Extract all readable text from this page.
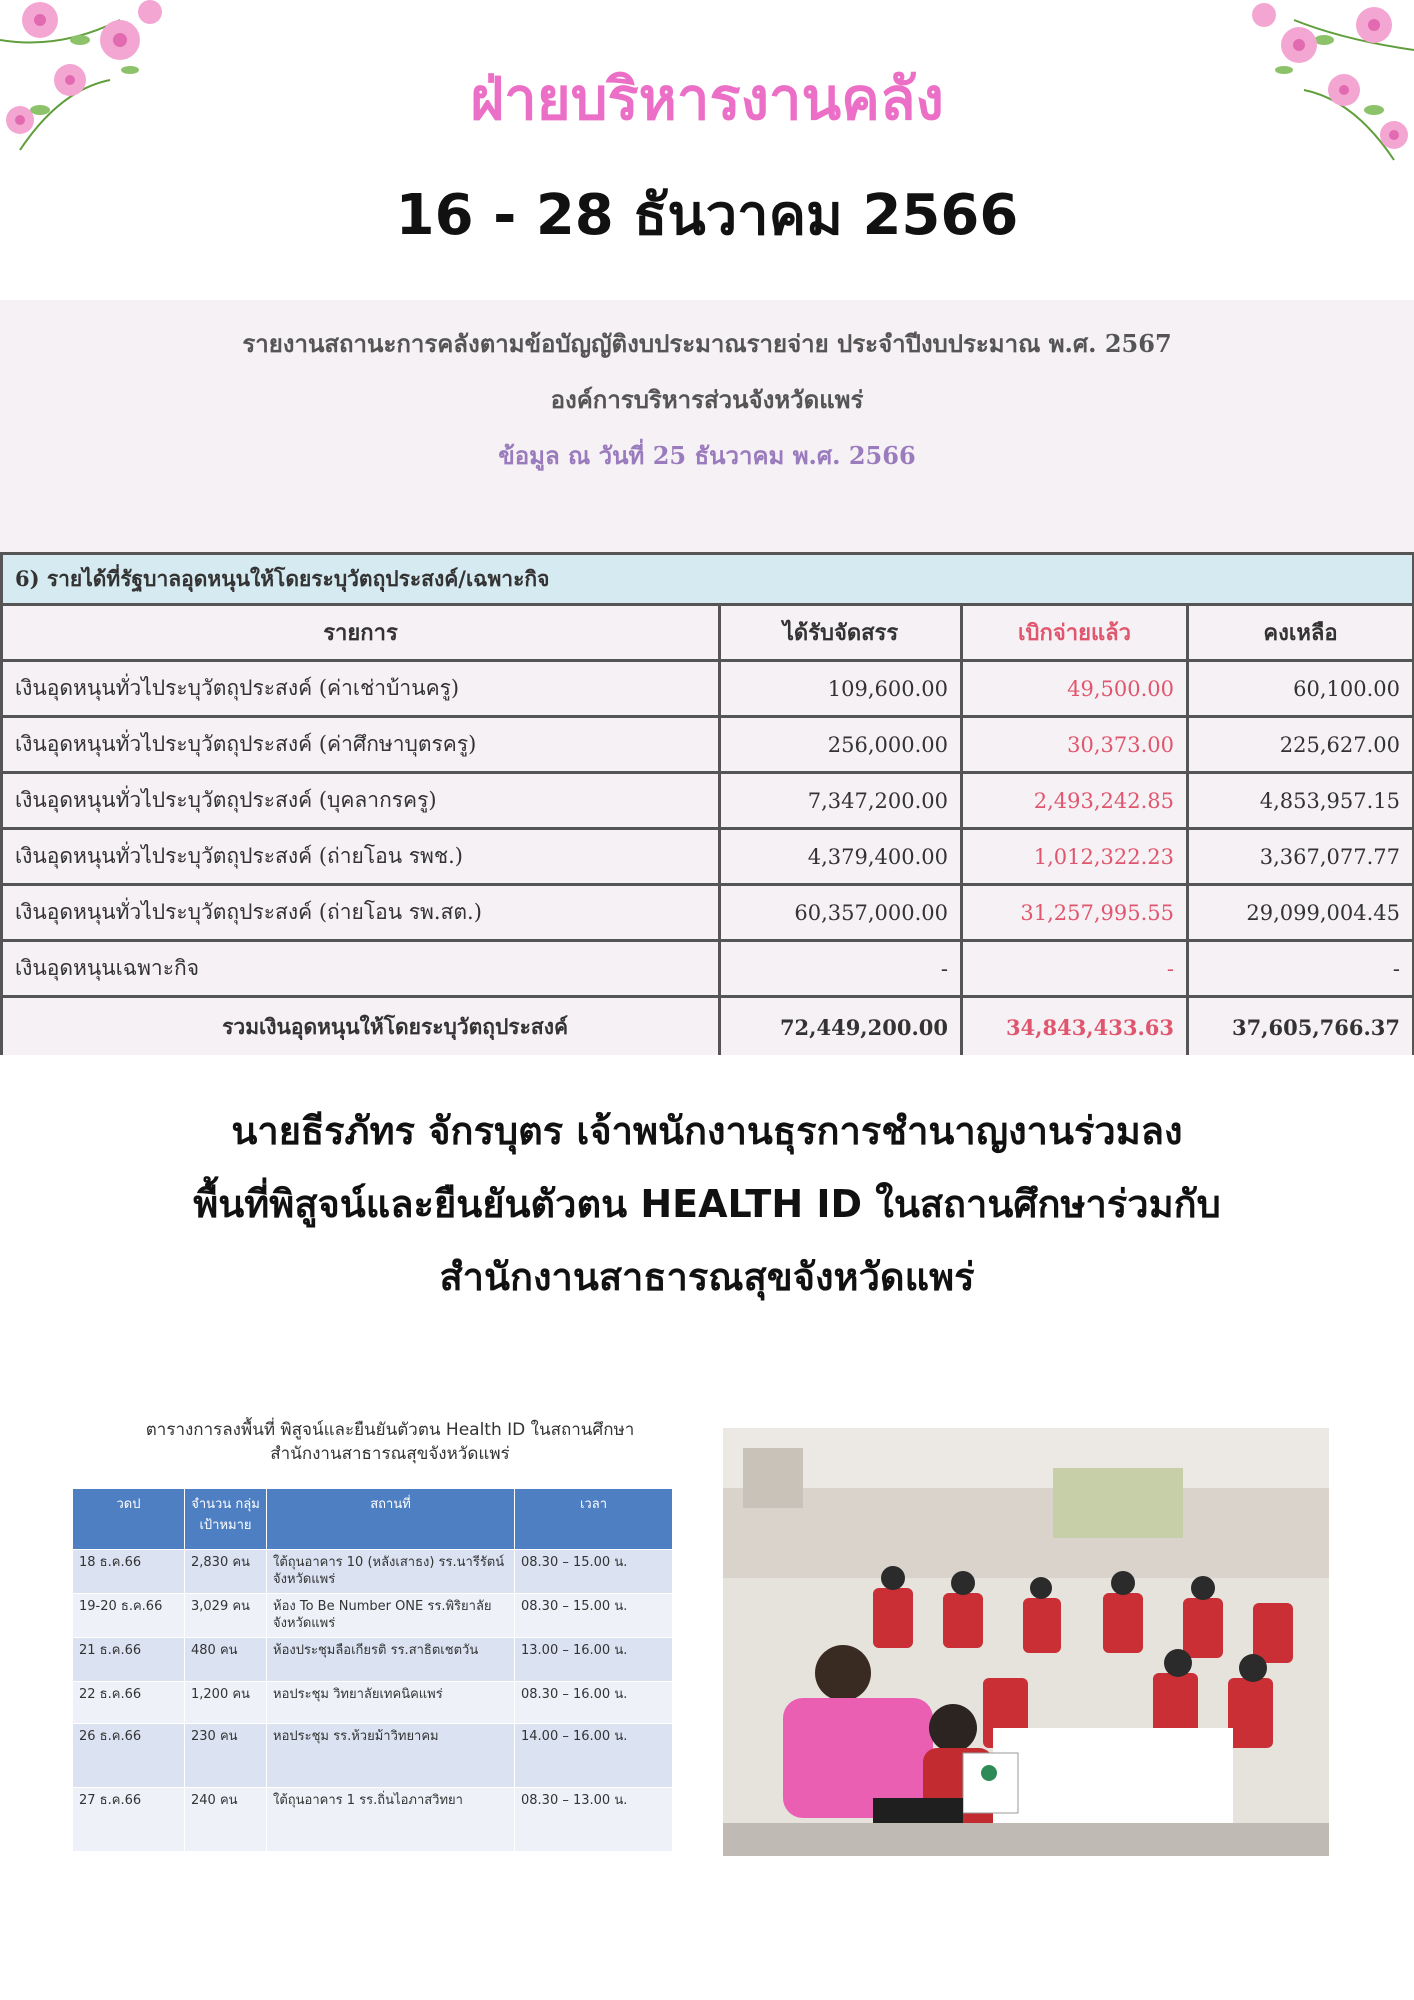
ฝ่ายบริหารงานคลัง
16 - 28 ธันวาคม 2566
รายงานสถานะการคลังตามข้อบัญญัติงบประมาณรายจ่าย ประจำปีงบประมาณ พ.ศ. 2567
องค์การบริหารส่วนจังหวัดแพร่
ข้อมูล ณ วันที่ 25 ธันวาคม พ.ศ. 2566
6) รายได้ที่รัฐบาลอุดหนุนให้โดยระบุวัตถุประสงค์/เฉพาะกิจ			
รายการ	ได้รับจัดสรร	เบิกจ่ายแล้ว	คงเหลือ
เงินอุดหนุนทั่วไประบุวัตถุประสงค์ (ค่าเช่าบ้านครู)	109,600.00	49,500.00	60,100.00
เงินอุดหนุนทั่วไประบุวัตถุประสงค์ (ค่าศึกษาบุตรครู)	256,000.00	30,373.00	225,627.00
เงินอุดหนุนทั่วไประบุวัตถุประสงค์ (บุคลากรครู)	7,347,200.00	2,493,242.85	4,853,957.15
เงินอุดหนุนทั่วไประบุวัตถุประสงค์ (ถ่ายโอน รพช.)	4,379,400.00	1,012,322.23	3,367,077.77
เงินอุดหนุนทั่วไประบุวัตถุประสงค์ (ถ่ายโอน รพ.สต.)	60,357,000.00	31,257,995.55	29,099,004.45
เงินอุดหนุนเฉพาะกิจ	-	-	-
รวมเงินอุดหนุนให้โดยระบุวัตถุประสงค์	72,449,200.00	34,843,433.63	37,605,766.37
นายธีรภัทร จักรบุตร เจ้าพนักงานธุรการชำนาญงานร่วมลง
พื้นที่พิสูจน์และยืนยันตัวตน HEALTH ID ในสถานศึกษาร่วมกับ
สำนักงานสาธารณสุขจังหวัดแพร่
ตารางการลงพื้นที่ พิสูจน์และยืนยันตัวตน Health ID ในสถานศึกษา
สำนักงานสาธารณสุขจังหวัดแพร่
วดป	จำนวน กลุ่ม เป้าหมาย	สถานที่	เวลา
18 ธ.ค.66	2,830 คน	ใต้ถุนอาคาร 10 (หลังเสาธง) รร.นารีรัตน์จังหวัดแพร่	08.30 – 15.00 น.
19-20 ธ.ค.66	3,029 คน	ห้อง To Be Number ONE รร.พิริยาลัยจังหวัดแพร่	08.30 – 15.00 น.
21 ธ.ค.66	480 คน	ห้องประชุมลือเกียรติ รร.สาธิตเชตวัน	13.00 – 16.00 น.
22 ธ.ค.66	1,200 คน	หอประชุม วิทยาลัยเทคนิคแพร่	08.30 – 16.00 น.
26 ธ.ค.66	230 คน	หอประชุม รร.ห้วยม้าวิทยาคม	14.00 – 16.00 น.
27 ธ.ค.66	240 คน	ใต้ถุนอาคาร 1 รร.ถิ่นไอภาสวิทยา	08.30 – 13.00 น.
